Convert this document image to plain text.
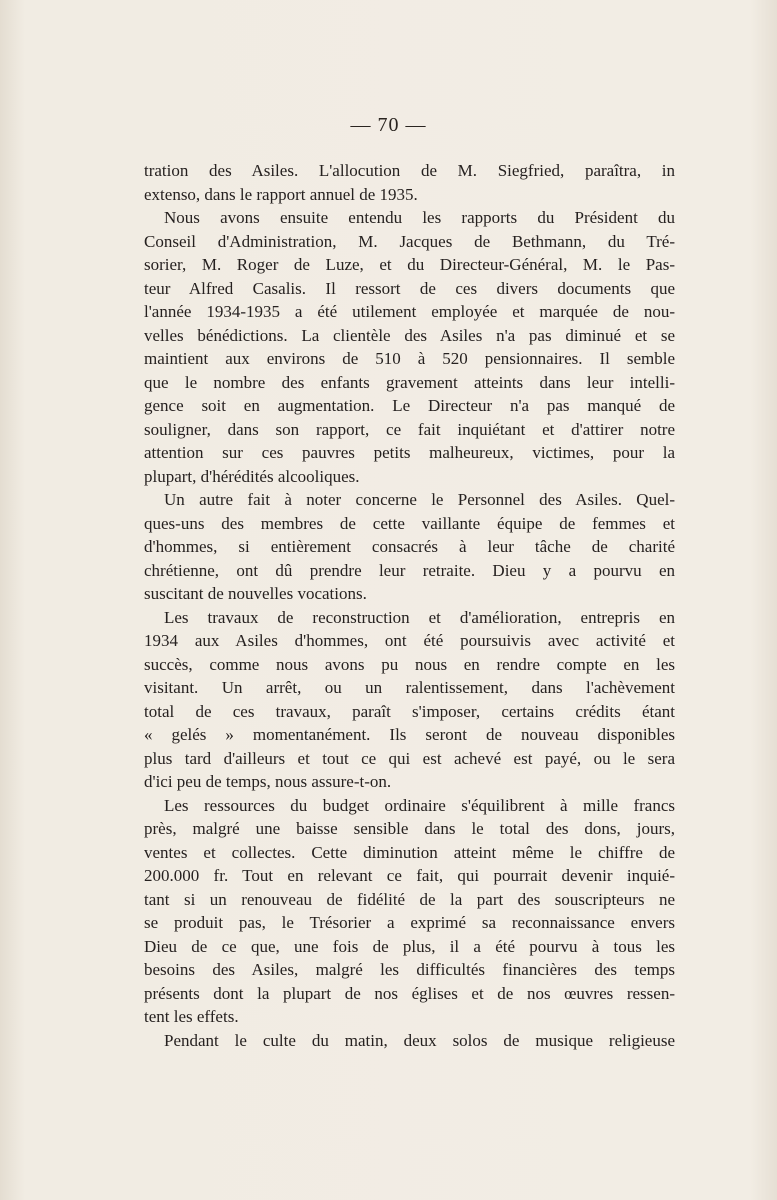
— 70 —
tration des Asiles. L'allocution de M. Siegfried, paraîtra, in
extenso, dans le rapport annuel de 1935.
Nous avons ensuite entendu les rapports du Président du
Conseil d'Administration, M. Jacques de Bethmann, du Tré-
sorier, M. Roger de Luze, et du Directeur-Général, M. le Pas-
teur Alfred Casalis. Il ressort de ces divers documents que
l'année 1934-1935 a été utilement employée et marquée de nou-
velles bénédictions. La clientèle des Asiles n'a pas diminué et se
maintient aux environs de 510 à 520 pensionnaires. Il semble
que le nombre des enfants gravement atteints dans leur intelli-
gence soit en augmentation. Le Directeur n'a pas manqué de
souligner, dans son rapport, ce fait inquiétant et d'attirer notre
attention sur ces pauvres petits malheureux, victimes, pour la
plupart, d'hérédités alcooliques.
Un autre fait à noter concerne le Personnel des Asiles. Quel-
ques-uns des membres de cette vaillante équipe de femmes et
d'hommes, si entièrement consacrés à leur tâche de charité
chrétienne, ont dû prendre leur retraite. Dieu y a pourvu en
suscitant de nouvelles vocations.
Les travaux de reconstruction et d'amélioration, entrepris en
1934 aux Asiles d'hommes, ont été poursuivis avec activité et
succès, comme nous avons pu nous en rendre compte en les
visitant. Un arrêt, ou un ralentissement, dans l'achèvement
total de ces travaux, paraît s'imposer, certains crédits étant
« gelés » momentanément. Ils seront de nouveau disponibles
plus tard d'ailleurs et tout ce qui est achevé est payé, ou le sera
d'ici peu de temps, nous assure-t-on.
Les ressources du budget ordinaire s'équilibrent à mille francs
près, malgré une baisse sensible dans le total des dons, jours,
ventes et collectes. Cette diminution atteint même le chiffre de
200.000 fr. Tout en relevant ce fait, qui pourrait devenir inquié-
tant si un renouveau de fidélité de la part des souscripteurs ne
se produit pas, le Trésorier a exprimé sa reconnaissance envers
Dieu de ce que, une fois de plus, il a été pourvu à tous les
besoins des Asiles, malgré les difficultés financières des temps
présents dont la plupart de nos églises et de nos œuvres ressen-
tent les effets.
Pendant le culte du matin, deux solos de musique religieuse
